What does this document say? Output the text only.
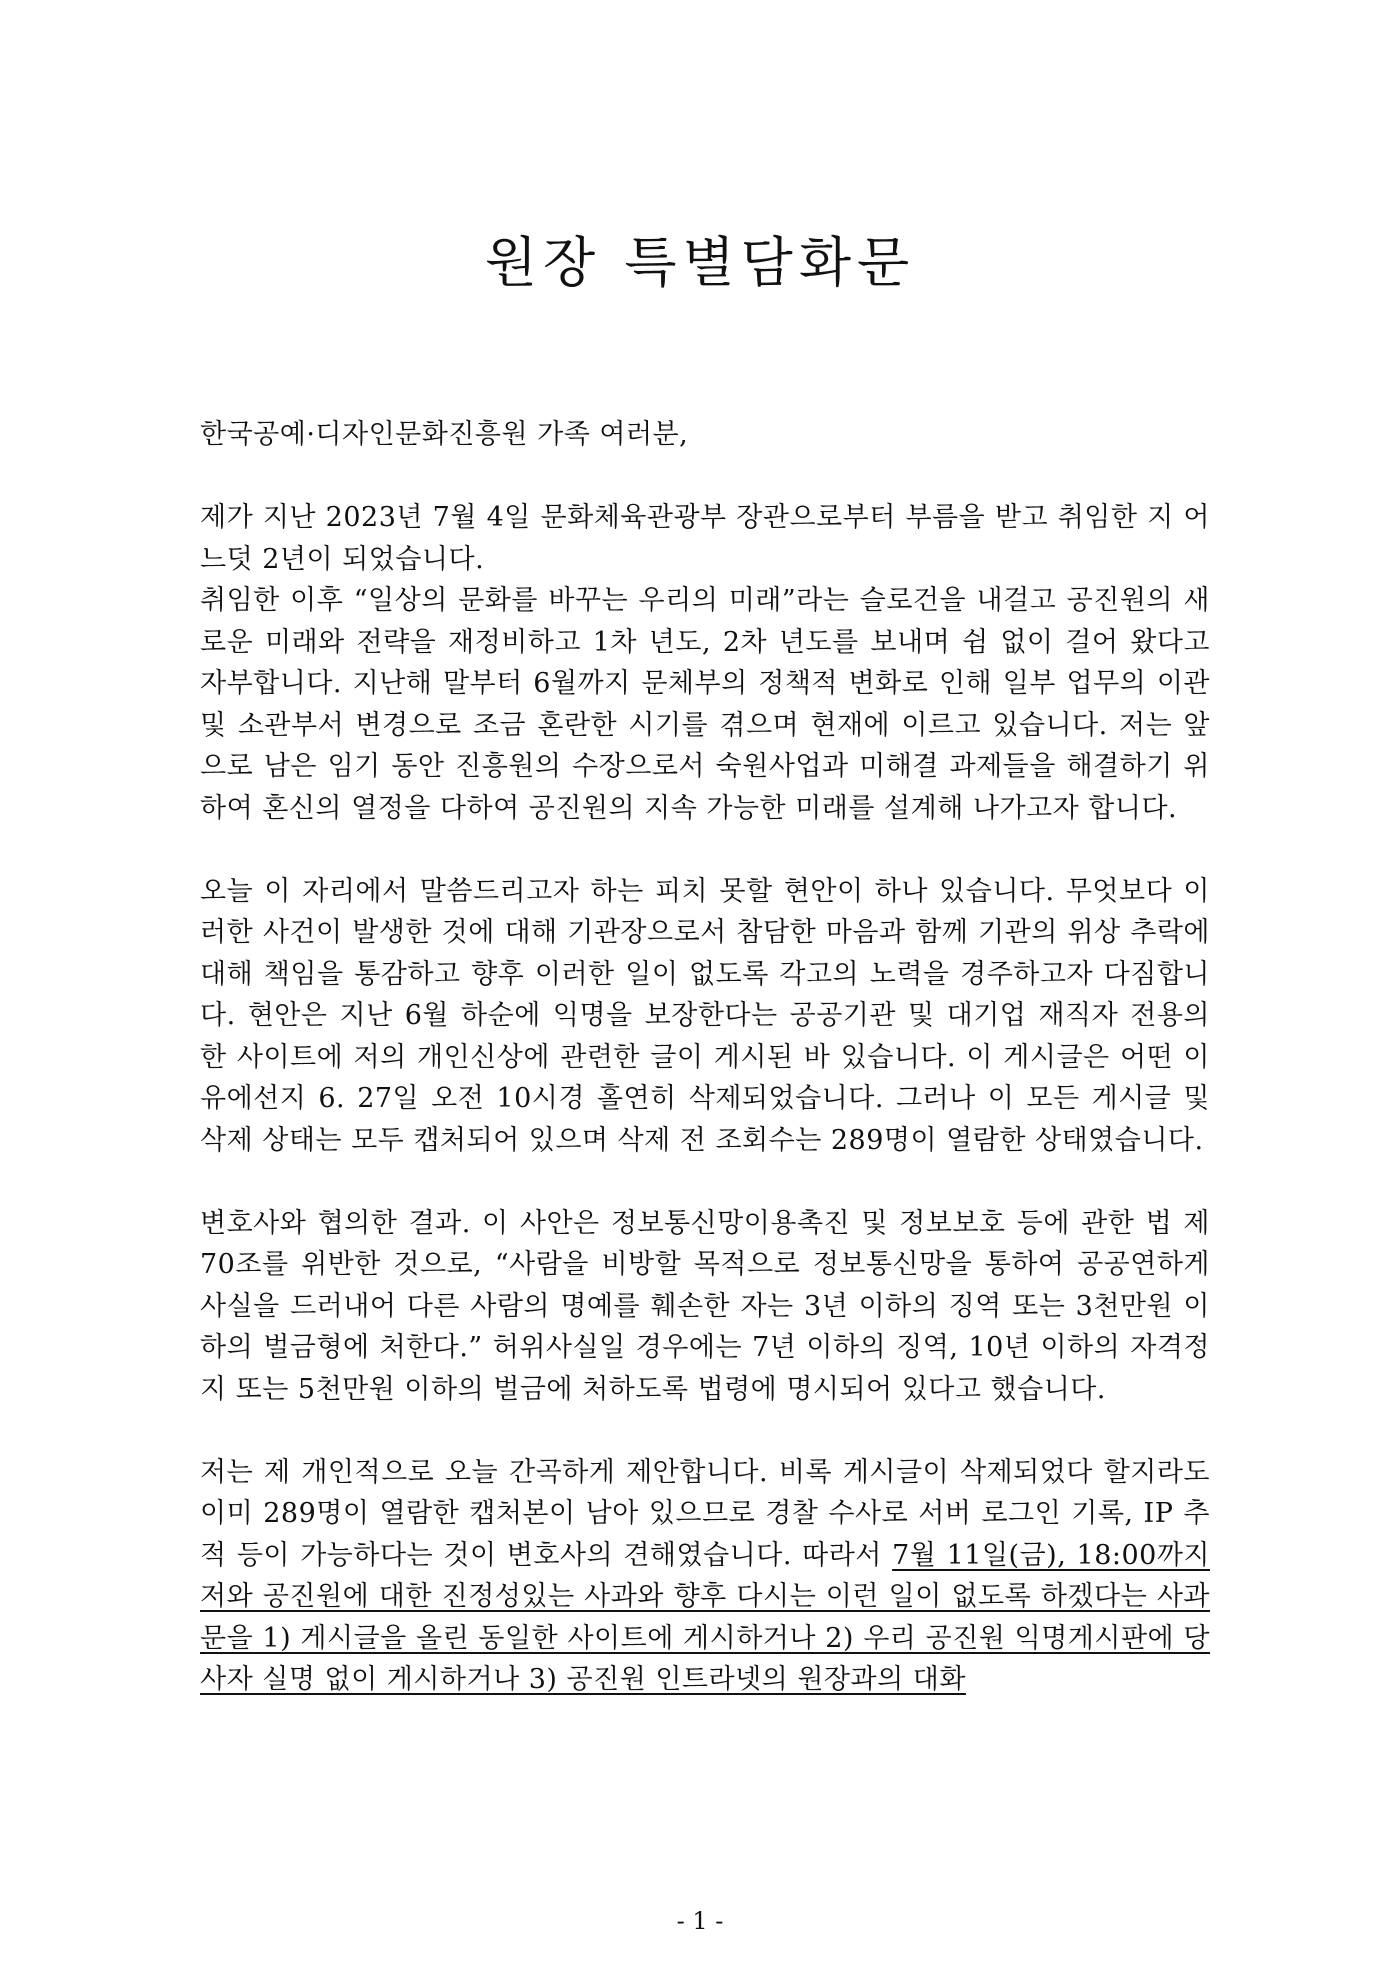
원장 특별담화문

한국공예·디자인문화진흥원 가족 여러분,

제가 지난 2023년 7월 4일 문화체육관광부 장관으로부터 부름을 받고 취임한 지 어느덧 2년이 되었습니다.

취임한 이후 “일상의 문화를 바꾸는 우리의 미래”라는 슬로건을 내걸고 공진원의 새로운 미래와 전략을 재정비하고 1차 년도, 2차 년도를 보내며 쉼 없이 걸어 왔다고 자부합니다. 지난해 말부터 6월까지 문체부의 정책적 변화로 인해 일부 업무의 이관 및 소관부서 변경으로 조금 혼란한 시기를 겪으며 현재에 이르고 있습니다. 저는 앞으로 남은 임기 동안 진흥원의 수장으로서 숙원사업과 미해결 과제들을 해결하기 위하여 혼신의 열정을 다하여 공진원의 지속 가능한 미래를 설계해 나가고자 합니다.

오늘 이 자리에서 말씀드리고자 하는 피치 못할 현안이 하나 있습니다. 무엇보다 이러한 사건이 발생한 것에 대해 기관장으로서 참담한 마음과 함께 기관의 위상 추락에 대해 책임을 통감하고 향후 이러한 일이 없도록 각고의 노력을 경주하고자 다짐합니다. 현안은 지난 6월 하순에 익명을 보장한다는 공공기관 및 대기업 재직자 전용의 한 사이트에 저의 개인신상에 관련한 글이 게시된 바 있습니다. 이 게시글은 어떤 이유에선지 6. 27일 오전 10시경 홀연히 삭제되었습니다. 그러나 이 모든 게시글 및 삭제 상태는 모두 캡처되어 있으며 삭제 전 조회수는 289명이 열람한 상태였습니다.

변호사와 협의한 결과. 이 사안은 정보통신망이용촉진 및 정보보호 등에 관한 법 제70조를 위반한 것으로, “사람을 비방할 목적으로 정보통신망을 통하여 공공연하게 사실을 드러내어 다른 사람의 명예를 훼손한 자는 3년 이하의 징역 또는 3천만원 이하의 벌금형에 처한다.” 허위사실일 경우에는 7년 이하의 징역, 10년 이하의 자격정지 또는 5천만원 이하의 벌금에 처하도록 법령에 명시되어 있다고 했습니다.

저는 제 개인적으로 오늘 간곡하게 제안합니다. 비록 게시글이 삭제되었다 할지라도 이미 289명이 열람한 캡처본이 남아 있으므로 경찰 수사로 서버 로그인 기록, IP 추적 등이 가능하다는 것이 변호사의 견해였습니다. 따라서 7월 11일(금), 18:00까지 저와 공진원에 대한 진정성있는 사과와 향후 다시는 이런 일이 없도록 하겠다는 사과문을 1) 게시글을 올린 동일한 사이트에 게시하거나 2) 우리 공진원 익명게시판에 당사자 실명 없이 게시하거나 3) 공진원 인트라넷의 원장과의 대화

- 1 -
